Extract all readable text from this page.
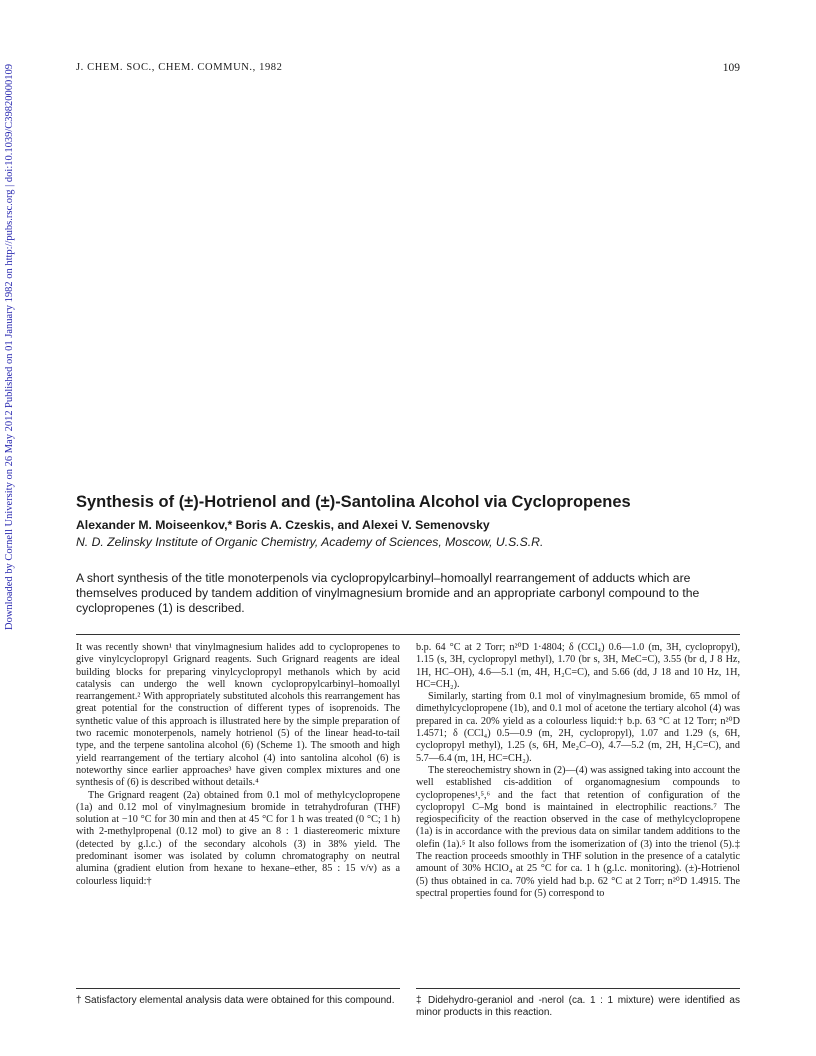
J. CHEM. SOC., CHEM. COMMUN., 1982	109
Downloaded by Cornell University on 26 May 2012
Published on 01 January 1982 on http://pubs.rsc.org | doi:10.1039/C39820000109
Synthesis of (±)-Hotrienol and (±)-Santolina Alcohol via Cyclopropenes
Alexander M. Moiseenkov,* Boris A. Czeskis, and Alexei V. Semenovsky
N. D. Zelinsky Institute of Organic Chemistry, Academy of Sciences, Moscow, U.S.S.R.
A short synthesis of the title monoterpenols via cyclopropylcarbinyl–homoallyl rearrangement of adducts which are themselves produced by tandem addition of vinylmagnesium bromide and an appropriate carbonyl compound to the cyclopropenes (1) is described.

It was recently shown¹ that vinylmagnesium halides add to cyclopropenes to give vinylcyclopropyl Grignard reagents. Such Grignard reagents are ideal building blocks for preparing vinylcyclopropyl methanols which by acid catalysis can undergo the well known cyclopropylcarbinyl–homoallyl rearrangement.² With appropriately substituted alcohols this rearrangement has great potential for the construction of different types of isoprenoids. The synthetic value of this approach is illustrated here by the simple preparation of two racemic monoterpenols, namely hotrienol (5) of the linear head-to-tail type, and the terpene santolina alcohol (6) (Scheme 1). The smooth and high yield rearrangement of the tertiary alcohol (4) into santolina alcohol (6) is noteworthy since earlier approaches³ have given complex mixtures and one synthesis of (6) is described without details.⁴

The Grignard reagent (2a) obtained from 0.1 mol of methylcyclopropene (1a) and 0.12 mol of vinylmagnesium bromide in tetrahydrofuran (THF) solution at −10 °C for 30 min and then at 45 °C for 1 h was treated (0 °C; 1 h) with 2-methylpropenal (0.12 mol) to give an 8 : 1 diastereomeric mixture (detected by g.l.c.) of the secondary alcohols (3) in 38% yield. The predominant isomer was isolated by column chromatography on neutral alumina (gradient elution from hexane to hexane–ether, 85 : 15 v/v) as a colourless liquid:†

b.p. 64 °C at 2 Torr; n²⁰D 1·4804; δ (CCl₄) 0.6—1.0 (m, 3H, cyclopropyl), 1.15 (s, 3H, cyclopropyl methyl), 1.70 (br s, 3H, MeC=C), 3.55 (br d, J 8 Hz, 1H, HC–OH), 4.6—5.1 (m, 4H, H₂C=C), and 5.66 (dd, J 18 and 10 Hz, 1H, HC=CH₂).

Similarly, starting from 0.1 mol of vinylmagnesium bromide, 65 mmol of dimethylcyclopropene (1b), and 0.1 mol of acetone the tertiary alcohol (4) was prepared in ca. 20% yield as a colourless liquid:† b.p. 63 °C at 12 Torr; n²⁰D 1.4571; δ (CCl₄) 0.5—0.9 (m, 2H, cyclopropyl), 1.07 and 1.29 (s, 6H, cyclopropyl methyl), 1.25 (s, 6H, Me₂C–O), 4.7—5.2 (m, 2H, H₂C=C), and 5.7—6.4 (m, 1H, HC=CH₂).

The stereochemistry shown in (2)—(4) was assigned taking into account the well established cis-addition of organomagnesium compounds to cyclopropenes¹,⁵,⁶ and the fact that retention of configuration of the cyclopropyl C–Mg bond is maintained in electrophilic reactions.⁷ The regiospecificity of the reaction observed in the case of methylcyclopropene (1a) is in accordance with the previous data on similar tandem additions to the olefin (1a).⁵ It also follows from the isomerization of (3) into the trienol (5).‡ The reaction proceeds smoothly in THF solution in the presence of a catalytic amount of 30% HClO₄ at 25 °C for ca. 1 h (g.l.c. monitoring). (±)-Hotrienol (5) thus obtained in ca. 70% yield had b.p. 62 °C at 2 Torr; n²⁰D 1.4915. The spectral properties found for (5) correspond to

† Satisfactory elemental analysis data were obtained for this compound.	‡ Didehydro-geraniol and -nerol (ca. 1 : 1 mixture) were identified as minor products in this reaction.
